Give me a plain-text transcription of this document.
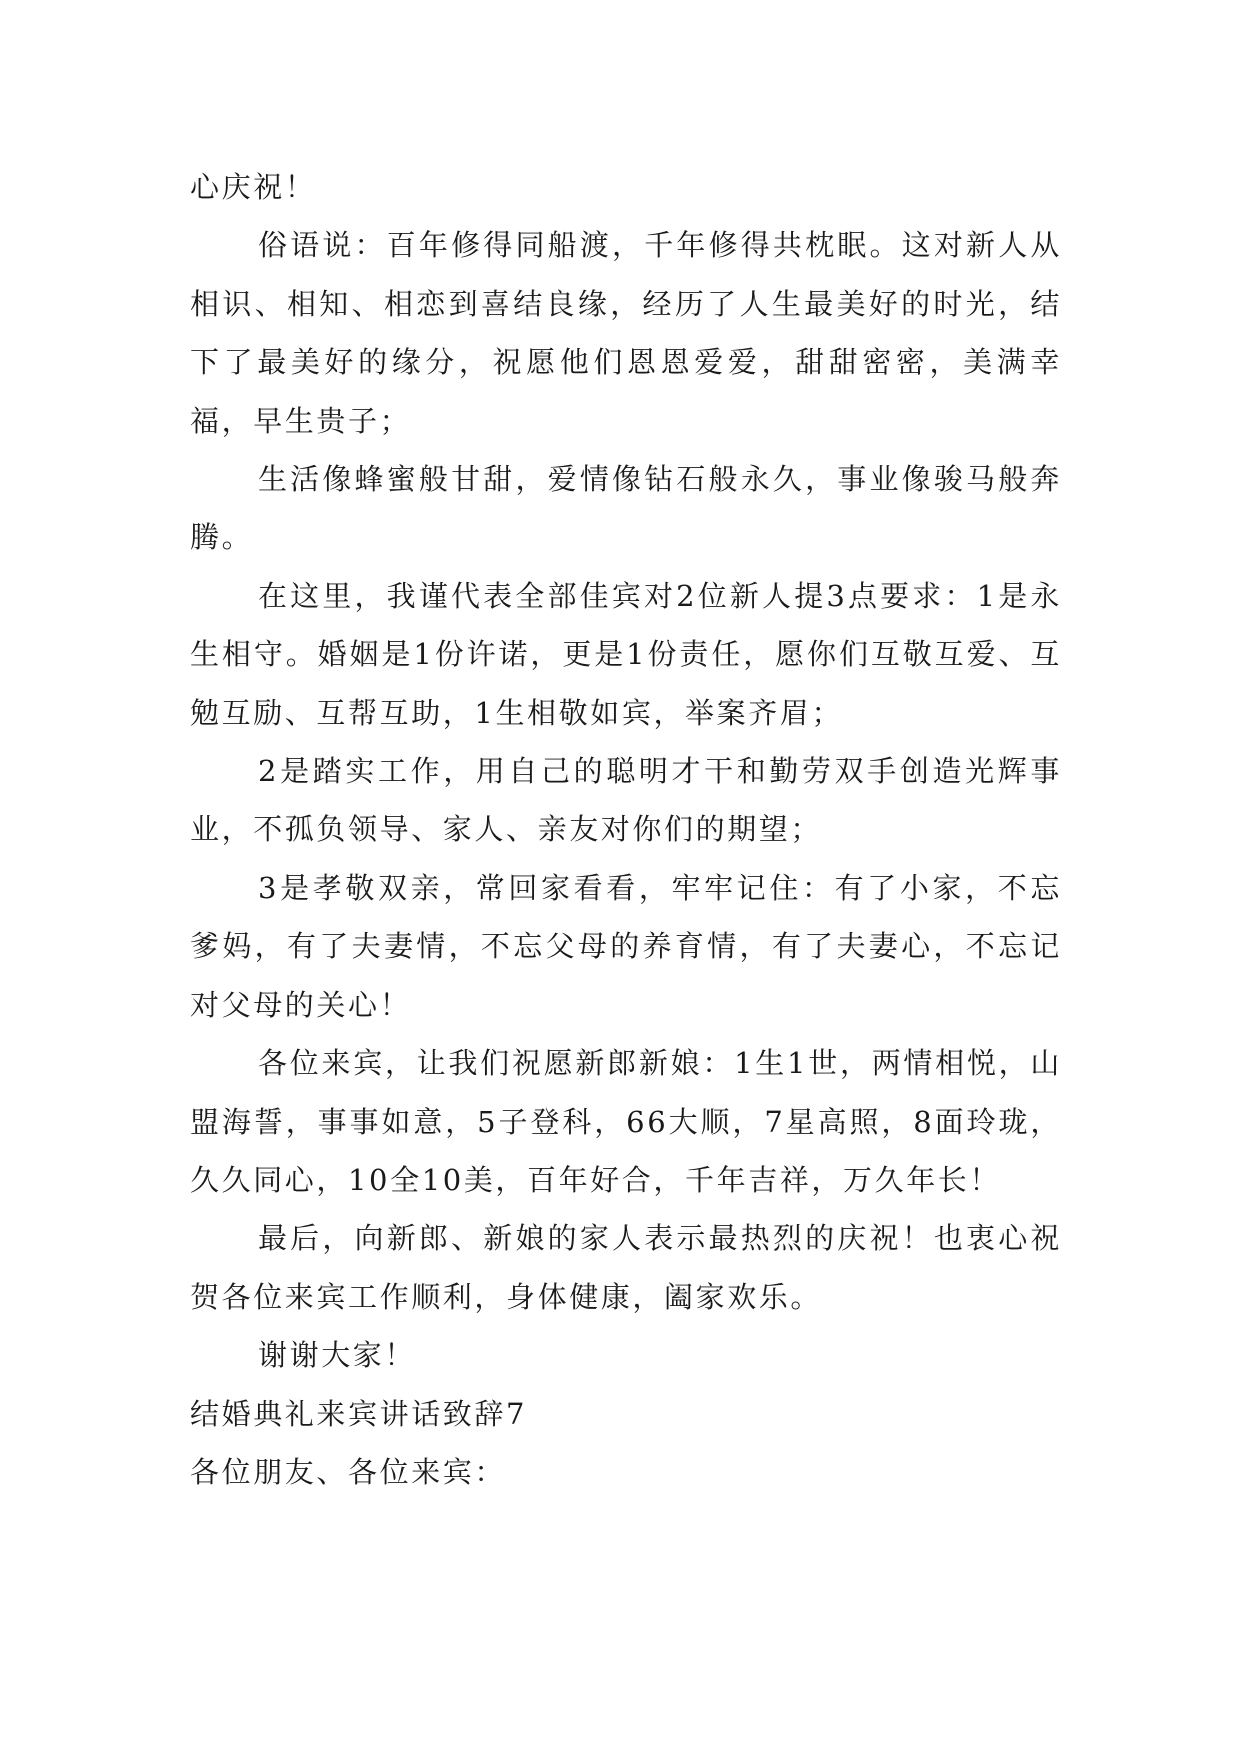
心庆祝！

俗语说：百年修得同船渡，千年修得共枕眠。这对新人从相识、相知、相恋到喜结良缘，经历了人生最美好的时光，结下了最美好的缘分，祝愿他们恩恩爱爱，甜甜密密，美满幸福，早生贵子；

生活像蜂蜜般甘甜，爱情像钻石般永久，事业像骏马般奔腾。

在这里，我谨代表全部佳宾对2位新人提3点要求：1是永生相守。婚姻是1份许诺，更是1份责任，愿你们互敬互爱、互勉互励、互帮互助，1生相敬如宾，举案齐眉；

2是踏实工作，用自己的聪明才干和勤劳双手创造光辉事业，不孤负领导、家人、亲友对你们的期望；

3是孝敬双亲，常回家看看，牢牢记住：有了小家，不忘爹妈，有了夫妻情，不忘父母的养育情，有了夫妻心，不忘记对父母的关心！

各位来宾，让我们祝愿新郎新娘：1生1世，两情相悦，山盟海誓，事事如意，5子登科，66大顺，7星高照，8面玲珑，久久同心，10全10美，百年好合，千年吉祥，万久年长！

最后，向新郎、新娘的家人表示最热烈的庆祝！也衷心祝贺各位来宾工作顺利，身体健康，阖家欢乐。

谢谢大家！

结婚典礼来宾讲话致辞7

各位朋友、各位来宾：
